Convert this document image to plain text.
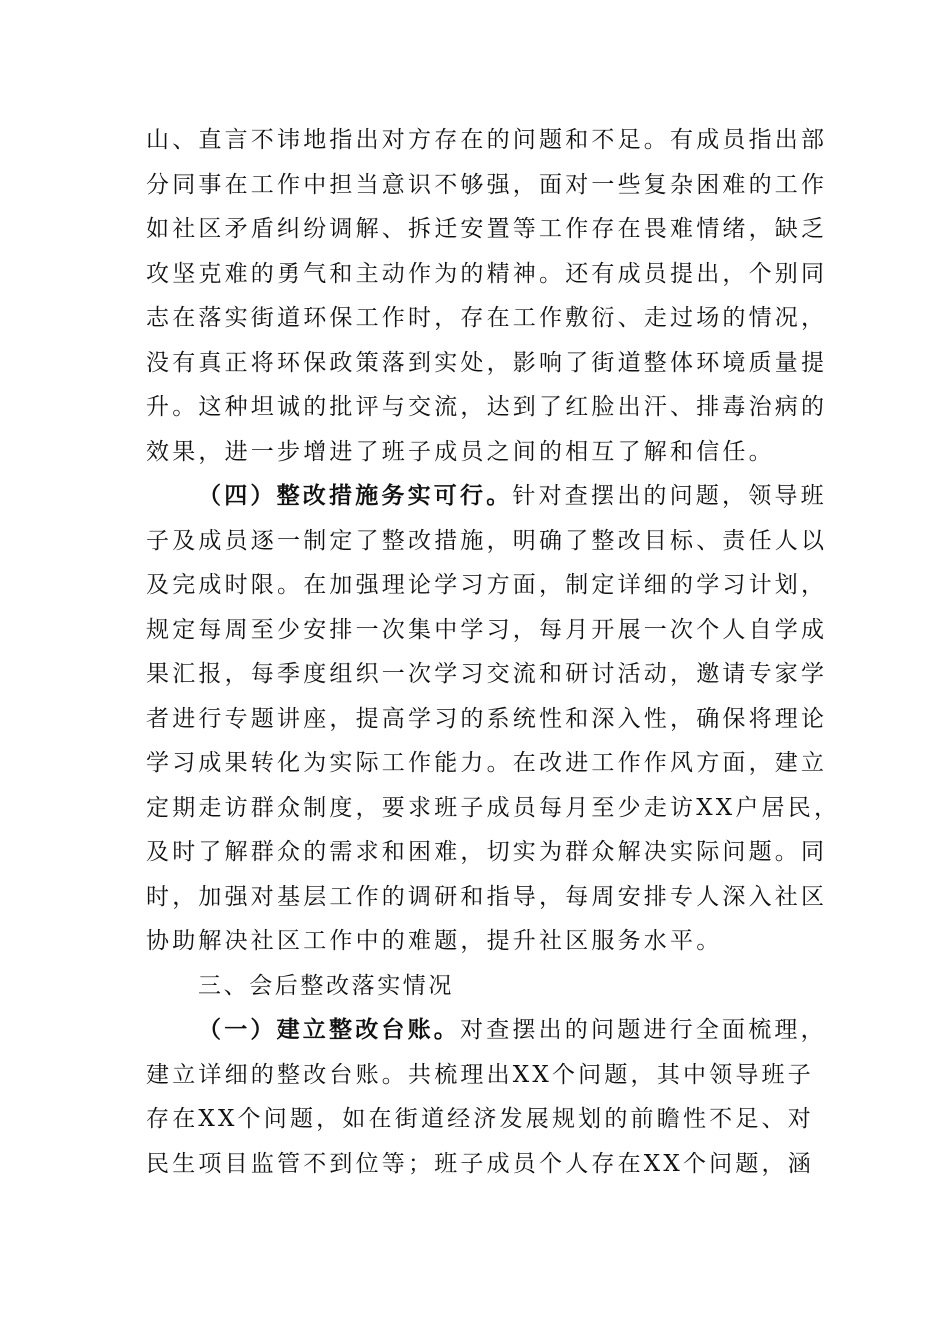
山、直言不讳地指出对方存在的问题和不足。有成员指出部
分同事在工作中担当意识不够强，面对一些复杂困难的工作
如社区矛盾纠纷调解、拆迁安置等工作存在畏难情绪，缺乏
攻坚克难的勇气和主动作为的精神。还有成员提出，个别同
志在落实街道环保工作时，存在工作敷衍、走过场的情况，
没有真正将环保政策落到实处，影响了街道整体环境质量提
升。这种坦诚的批评与交流，达到了红脸出汗、排毒治病的
效果，进一步增进了班子成员之间的相互了解和信任。
（四）整改措施务实可行。针对查摆出的问题，领导班
子及成员逐一制定了整改措施，明确了整改目标、责任人以
及完成时限。在加强理论学习方面，制定详细的学习计划，
规定每周至少安排一次集中学习，每月开展一次个人自学成
果汇报，每季度组织一次学习交流和研讨活动，邀请专家学
者进行专题讲座，提高学习的系统性和深入性，确保将理论
学习成果转化为实际工作能力。在改进工作作风方面，建立
定期走访群众制度，要求班子成员每月至少走访XX户居民，
及时了解群众的需求和困难，切实为群众解决实际问题。同
时，加强对基层工作的调研和指导，每周安排专人深入社区
协助解决社区工作中的难题，提升社区服务水平。
三、会后整改落实情况
（一）建立整改台账。对查摆出的问题进行全面梳理，
建立详细的整改台账。共梳理出XX个问题，其中领导班子
存在XX个问题，如在街道经济发展规划的前瞻性不足、对
民生项目监管不到位等；班子成员个人存在XX个问题，涵
